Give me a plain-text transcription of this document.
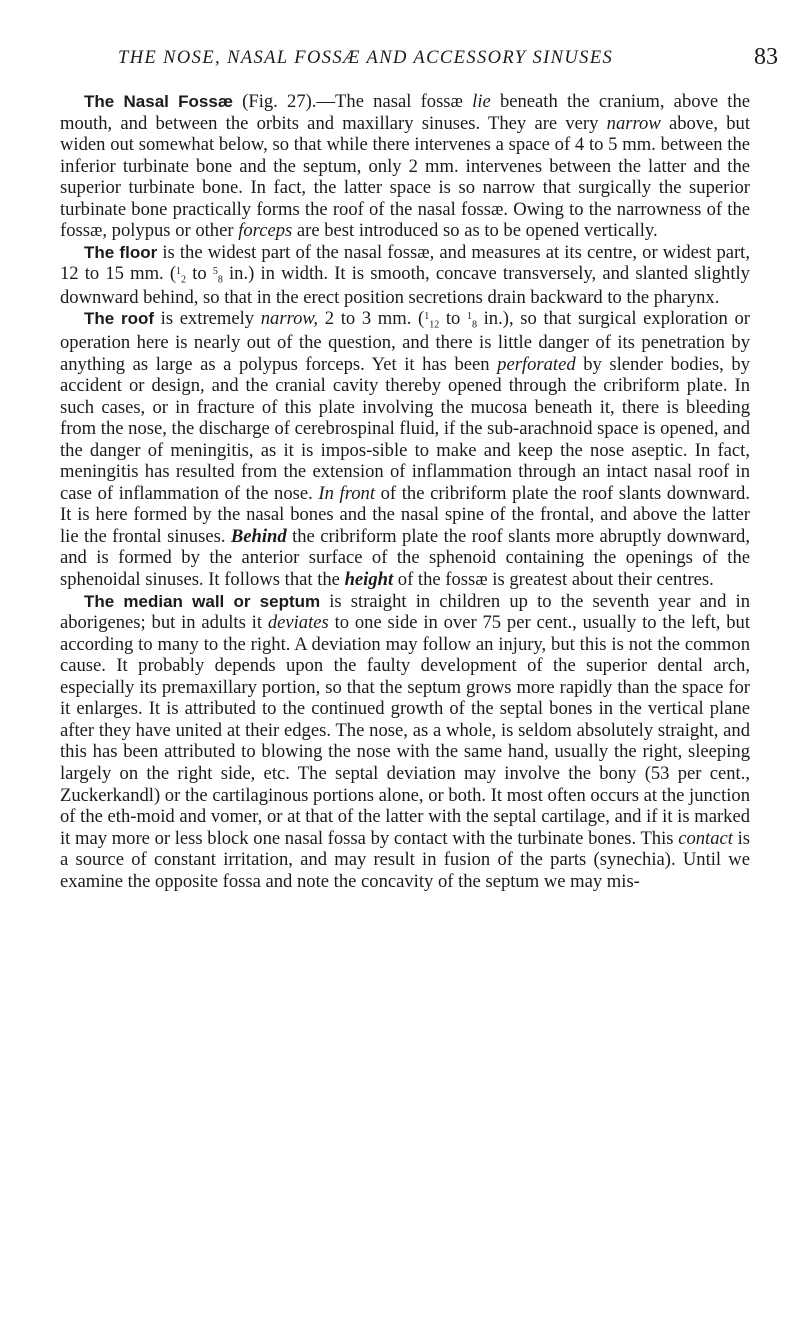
THE NOSE, NASAL FOSSÆ AND ACCESSORY SINUSES	83

The Nasal Fossæ (Fig. 27).—The nasal fossæ lie beneath the cranium, above the mouth, and between the orbits and maxillary sinuses. They are very narrow above, but widen out somewhat below, so that while there intervenes a space of 4 to 5 mm. between the inferior turbinate bone and the septum, only 2 mm. intervenes between the latter and the superior turbinate bone. In fact, the latter space is so narrow that surgically the superior turbinate bone practically forms the roof of the nasal fossæ. Owing to the narrowness of the fossæ, polypus or other forceps are best introduced so as to be opened vertically.

The floor is the widest part of the nasal fossæ, and measures at its centre, or widest part, 12 to 15 mm. ($^1_2$ to $^5_8$ in.) in width. It is smooth, concave transversely, and slanted slightly downward behind, so that in the erect position secretions drain backward to the pharynx.

The roof is extremely narrow, 2 to 3 mm. ($^1_{12}$ to $^1_8$ in.), so that surgical exploration or operation here is nearly out of the question, and there is little danger of its penetration by anything as large as a polypus forceps. Yet it has been perforated by slender bodies, by accident or design, and the cranial cavity thereby opened through the cribriform plate. In such cases, or in fracture of this plate involving the mucosa beneath it, there is bleeding from the nose, the discharge of cerebrospinal fluid, if the sub-arachnoid space is opened, and the danger of meningitis, as it is impos-sible to make and keep the nose aseptic. In fact, meningitis has resulted from the extension of inflammation through an intact nasal roof in case of inflammation of the nose. In front of the cribriform plate the roof slants downward. It is here formed by the nasal bones and the nasal spine of the frontal, and above the latter lie the frontal sinuses. Behind the cribriform plate the roof slants more abruptly downward, and is formed by the anterior surface of the sphenoid containing the openings of the sphenoidal sinuses. It follows that the height of the fossæ is greatest about their centres.

The median wall or septum is straight in children up to the seventh year and in aborigenes; but in adults it deviates to one side in over 75 per cent., usually to the left, but according to many to the right. A deviation may follow an injury, but this is not the common cause. It probably depends upon the faulty development of the superior dental arch, especially its premaxillary portion, so that the septum grows more rapidly than the space for it enlarges. It is attributed to the continued growth of the septal bones in the vertical plane after they have united at their edges. The nose, as a whole, is seldom absolutely straight, and this has been attributed to blowing the nose with the same hand, usually the right, sleeping largely on the right side, etc. The septal deviation may involve the bony (53 per cent., Zuckerkandl) or the cartilaginous portions alone, or both. It most often occurs at the junction of the eth-moid and vomer, or at that of the latter with the septal cartilage, and if it is marked it may more or less block one nasal fossa by contact with the turbinate bones. This contact is a source of constant irritation, and may result in fusion of the parts (synechia). Until we examine the opposite fossa and note the concavity of the septum we may mis-
